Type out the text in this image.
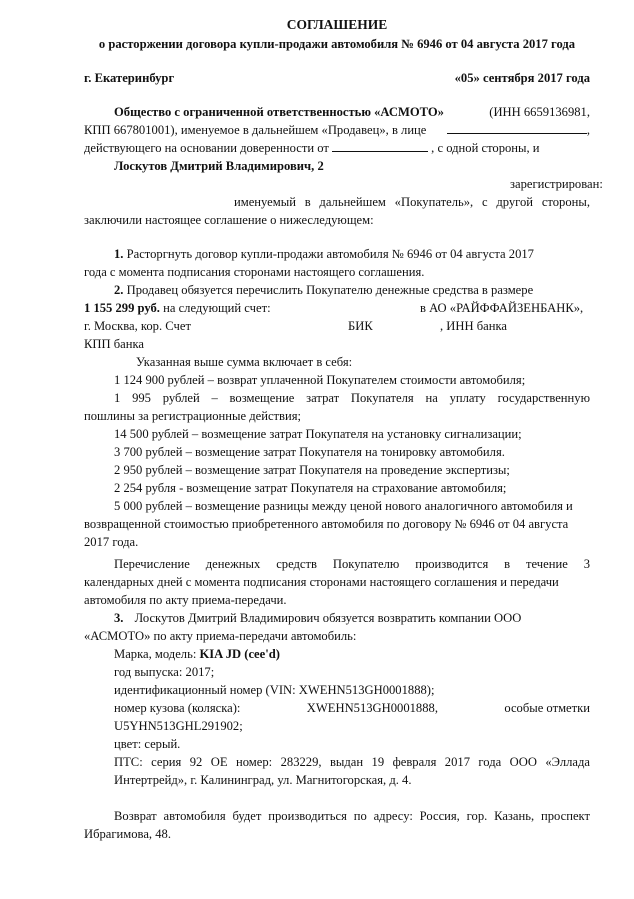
СОГЛАШЕНИЕ
о расторжении договора купли-продажи автомобиля № 6946 от 04 августа 2017 года
г. Екатеринбург	«05» сентября 2017 года
Общество с ограниченной ответственностью «АСМОТО»	(ИНН 6659136981,
КПП 667801001), именуемое в дальнейшем «Продавец», в лице	,
действующего на основании доверенности от	, с одной стороны, и
Лоскутов Дмитрий Владимирович, 2
зарегистрирован:
именуемый в дальнейшем «Покупатель», с другой стороны,
заключили настоящее соглашение о нижеследующем:
1. Расторгнуть договор купли-продажи автомобиля № 6946 от 04 августа 2017
года с момента подписания сторонами настоящего соглашения.
2. Продавец обязуется перечислить Покупателю денежные средства в размере
1 155 299 руб. на следующий счет:	в АО «РАЙФФАЙЗЕНБАНК»,
г. Москва, кор. Счет	БИК	, ИНН банка
КПП банка
Указанная выше сумма включает в себя:
1 124 900 рублей – возврат уплаченной Покупателем стоимости автомобиля;
1 995 рублей – возмещение затрат Покупателя на уплату государственную
пошлины за регистрационные действия;
14 500 рублей – возмещение затрат Покупателя на установку сигнализации;
3 700 рублей – возмещение затрат Покупателя на тонировку автомобиля.
2 950 рублей – возмещение затрат Покупателя на проведение экспертизы;
2 254 рубля - возмещение затрат Покупателя на страхование автомобиля;
5 000 рублей – возмещение разницы между ценой нового аналогичного автомобиля и
возвращенной стоимостью приобретенного автомобиля по договору № 6946 от 04 августа
2017 года.
Перечисление денежных средств Покупателю производится в течение 3
календарных дней с момента подписания сторонами настоящего соглашения и передачи
автомобиля по акту приема-передачи.
3. Лоскутов Дмитрий Владимирович обязуется возвратить компании ООО
«АСМОТО» по акту приема-передачи автомобиль:
Марка, модель: KIA JD (cee'd)
год выпуска: 2017;
идентификационный номер (VIN: XWEHN513GH0001888);
номер кузова (коляска):	XWEHN513GH0001888,	особые отметки
U5YHN513GHL291902;
цвет: серый.
ПТС: серия 92 ОЕ номер: 283229, выдан 19 февраля 2017 года ООО «Эллада
Интертрейд», г. Калининград, ул. Магнитогорская, д. 4.
Возврат автомобиля будет производиться по адресу: Россия, гор. Казань, проспект
Ибрагимова, 48.
